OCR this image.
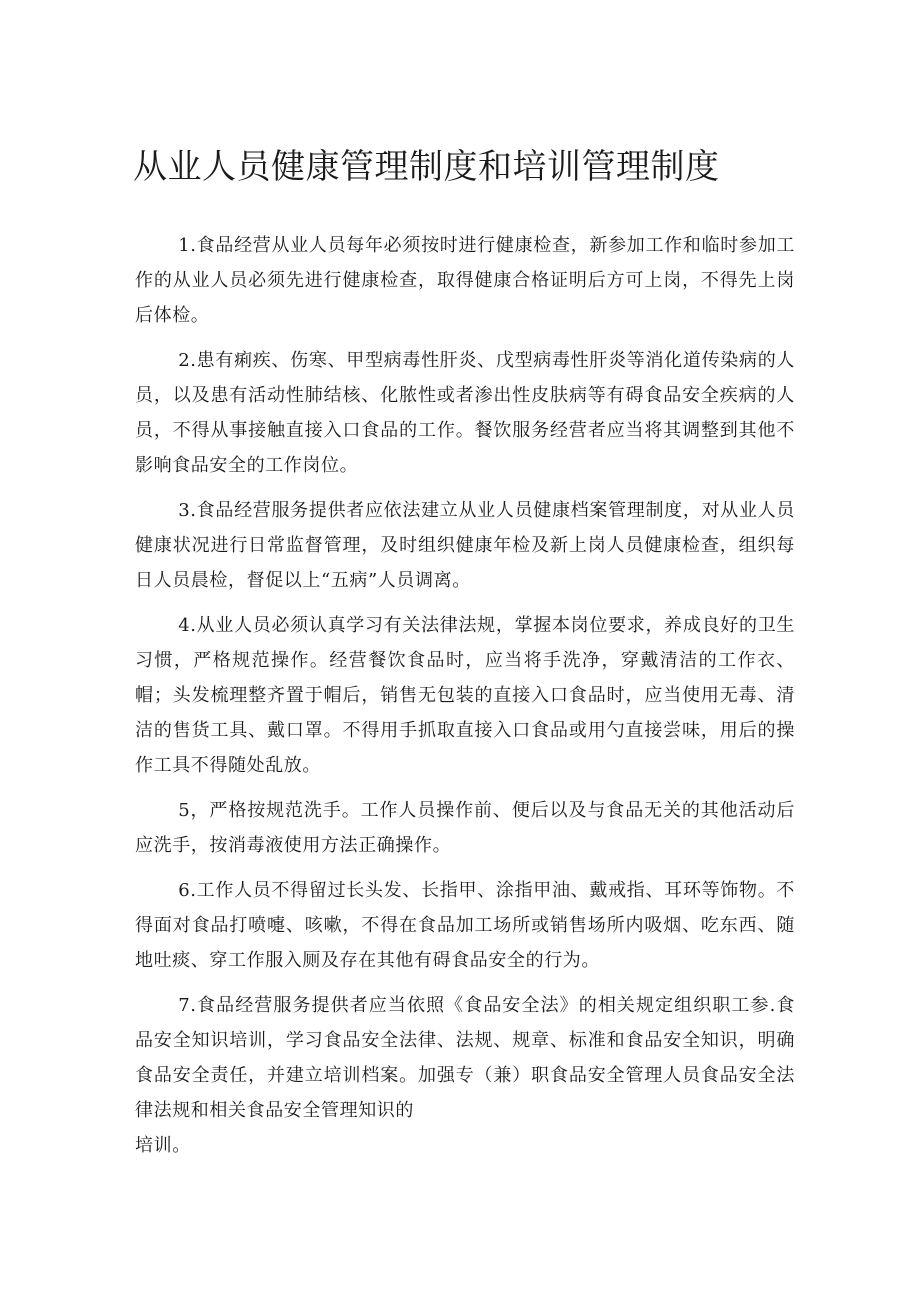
从业人员健康管理制度和培训管理制度

1.食品经营从业人员每年必须按时进行健康检查，新参加工作和临时参加工作的从业人员必须先进行健康检查，取得健康合格证明后方可上岗，不得先上岗后体检。

2.患有痢疾、伤寒、甲型病毒性肝炎、戊型病毒性肝炎等消化道传染病的人员，以及患有活动性肺结核、化脓性或者渗出性皮肤病等有碍食品安全疾病的人员，不得从事接触直接入口食品的工作。餐饮服务经营者应当将其调整到其他不影响食品安全的工作岗位。

3.食品经营服务提供者应依法建立从业人员健康档案管理制度，对从业人员健康状况进行日常监督管理，及时组织健康年检及新上岗人员健康检查，组织每日人员晨检，督促以上“五病”人员调离。

4.从业人员必须认真学习有关法律法规，掌握本岗位要求，养成良好的卫生习惯，严格规范操作。经营餐饮食品时，应当将手洗净，穿戴清洁的工作衣、帽；头发梳理整齐置于帽后，销售无包装的直接入口食品时，应当使用无毒、清洁的售货工具、戴口罩。不得用手抓取直接入口食品或用勺直接尝味，用后的操作工具不得随处乱放。

5，严格按规范洗手。工作人员操作前、便后以及与食品无关的其他活动后应洗手，按消毒液使用方法正确操作。

6.工作人员不得留过长头发、长指甲、涂指甲油、戴戒指、耳环等饰物。不得面对食品打喷嚏、咳嗽，不得在食品加工场所或销售场所内吸烟、吃东西、随地吐痰、穿工作服入厕及存在其他有碍食品安全的行为。

7.食品经营服务提供者应当依照《食品安全法》的相关规定组织职工参.食品安全知识培训，学习食品安全法律、法规、规章、标准和食品安全知识，明确食品安全责任，并建立培训档案。加强专（兼）职食品安全管理人员食品安全法律法规和相关食品安全管理知识的

培训。
